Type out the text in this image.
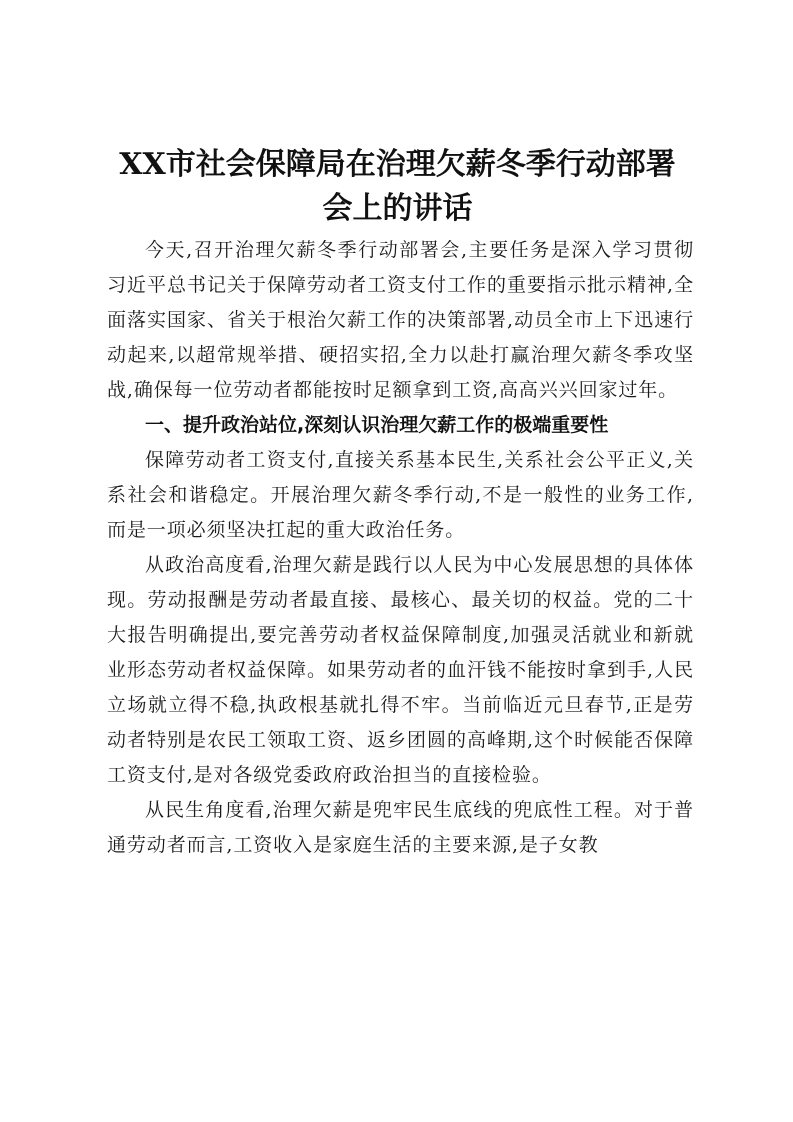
XX市社会保障局在治理欠薪冬季行动部署会上的讲话

今天,召开治理欠薪冬季行动部署会,主要任务是深入学习贯彻习近平总书记关于保障劳动者工资支付工作的重要指示批示精神,全面落实国家、省关于根治欠薪工作的决策部署,动员全市上下迅速行动起来,以超常规举措、硬招实招,全力以赴打赢治理欠薪冬季攻坚战,确保每一位劳动者都能按时足额拿到工资,高高兴兴回家过年。

一、提升政治站位,深刻认识治理欠薪工作的极端重要性

保障劳动者工资支付,直接关系基本民生,关系社会公平正义,关系社会和谐稳定。开展治理欠薪冬季行动,不是一般性的业务工作,而是一项必须坚决扛起的重大政治任务。

从政治高度看,治理欠薪是践行以人民为中心发展思想的具体体现。劳动报酬是劳动者最直接、最核心、最关切的权益。党的二十大报告明确提出,要完善劳动者权益保障制度,加强灵活就业和新就业形态劳动者权益保障。如果劳动者的血汗钱不能按时拿到手,人民立场就立得不稳,执政根基就扎得不牢。当前临近元旦春节,正是劳动者特别是农民工领取工资、返乡团圆的高峰期,这个时候能否保障工资支付,是对各级党委政府政治担当的直接检验。

从民生角度看,治理欠薪是兜牢民生底线的兜底性工程。对于普通劳动者而言,工资收入是家庭生活的主要来源,是子女教
